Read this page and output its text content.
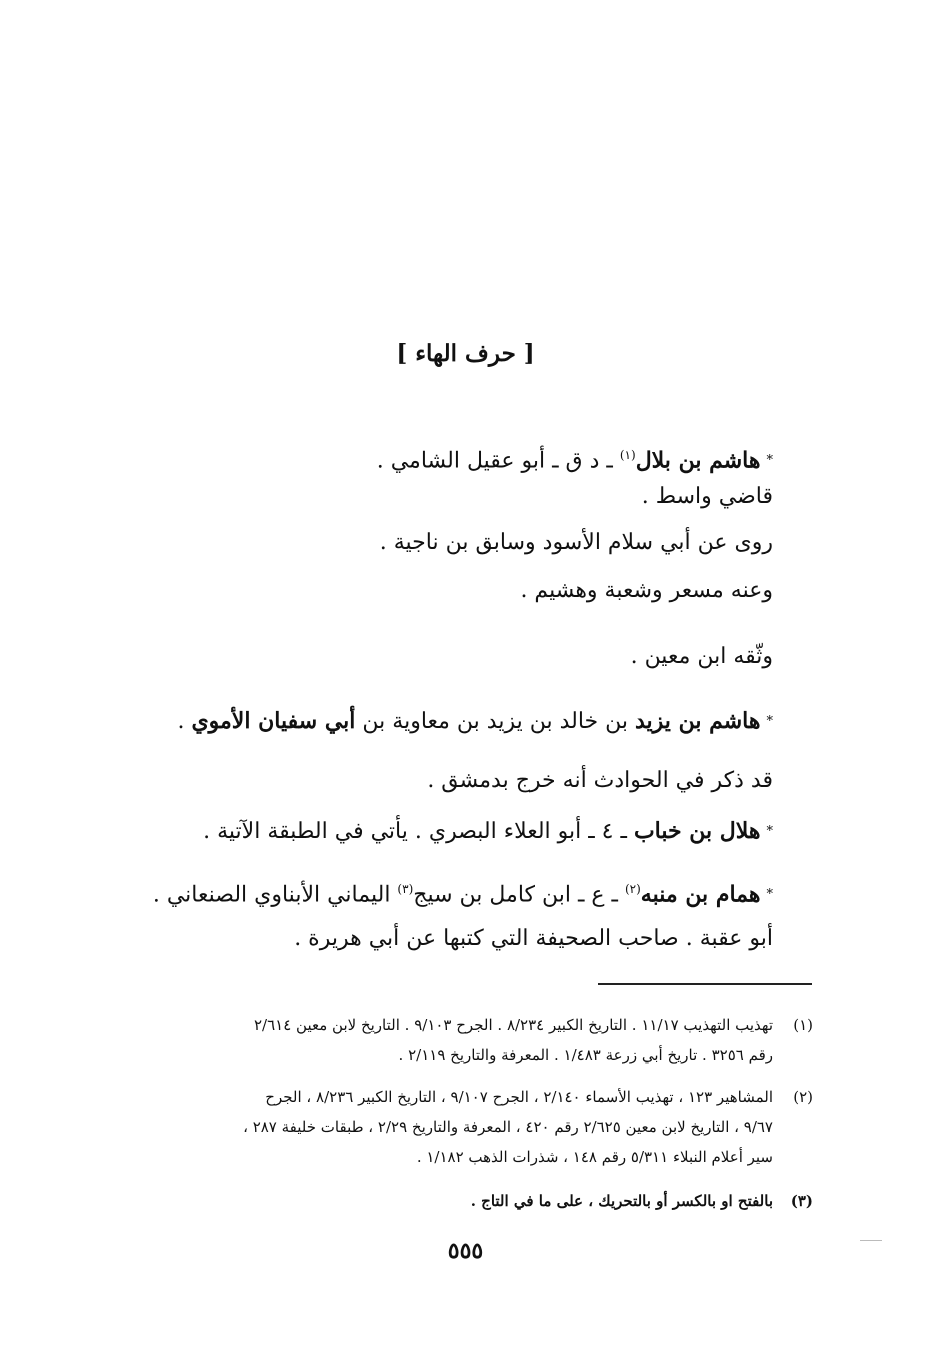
[ حرف الهاء ]
*هاشم بن بلال$^{(١)}$ ـ د ق ـ أبو عقيل الشامي .
قاضي واسط .
روى عن أبي سلام الأسود وسابق بن ناجية .
وعنه مسعر وشعبة وهشيم .
وثّقه ابن معين .
*هاشم بن يزيد بن خالد بن يزيد بن معاوية بن أبي سفيان الأموي .
قد ذكر في الحوادث أنه خرج بدمشق .
*هلال بن خباب ـ ٤ ـ أبو العلاء البصري . يأتي في الطبقة الآتية .
*همام بن منبه$^{(٢)}$ ـ ع ـ ابن كامل بن سيج$^{(٣)}$ اليماني الأبناوي الصنعاني .
أبو عقبة . صاحب الصحيفة التي كتبها عن أبي هريرة .
(١)تهذيب التهذيب ١١/١٧ . التاريخ الكبير ٨/٢٣٤ . الجرح ٩/١٠٣ . التاريخ لابن معين ٢/٦١٤
رقم ٣٢٥٦ . تاريخ أبي زرعة ١/٤٨٣ . المعرفة والتاريخ ٢/١١٩ .
(٢)المشاهير ١٢٣ ، تهذيب الأسماء ٢/١٤٠ ، الجرح ٩/١٠٧ ، التاريخ الكبير ٨/٢٣٦ ، الجرح
٩/٦٧ ، التاريخ لابن معين ٢/٦٢٥ رقم ٤٢٠ ، المعرفة والتاريخ ٢/٢٩ ، طبقات خليفة ٢٨٧ ،
سير أعلام النبلاء ٥/٣١١ رقم ١٤٨ ، شذرات الذهب ١/١٨٢ .
(٣)بالفتح او بالكسر أو بالتحريك ، على ما في التاج .
٥٥٥
